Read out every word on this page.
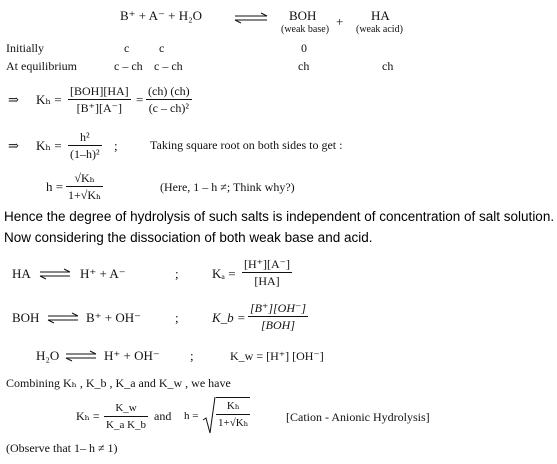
B⁺ + A⁻ + H₂O ⇌ BOH
(weak base)
+ HA
(weak acid)
Initially	c c	0
At equilibrium	c – ch c – ch	ch	ch
⇒ Kₕ =
[BOH][HA]
[B⁺][A⁻]
= $\frac{(ch) (ch)}{\text{(c – ch)²}}$
⇒ $K_h = \frac{\text{h²}}{\text{(1–h)²}}$ ;	Taking square root on both sides to get :
$h = \frac{\text{√Kₕ}}{\text{1+√Kₕ}}$	(Here, 1 – h ≠; Think why?)
Hence the degree of hydrolysis of such salts is independent of concentration of salt solution.
Now considering the dissociation of both weak base and acid.
HA	H⁺ + A⁻	;	$K_a = \frac{[H^+][A^-]}{[HA]}$
BOH	B⁺ + OH⁻	;	K_b =
[B⁺][OH⁻]
[BOH]
H₂O	H⁺ + OH⁻ ;	K_w = [H⁺] [OH⁻]
Combining Kₕ , K_b , K_a and K_w , we have
$K_h = \frac{K\_w}{\text{K\_a K\_b}}$ and $h = \frac{\text{Kₕ}}{\text{1+√Kₕ}}$	[Cation - Anionic Hydrolysis]
(Observe that 1– h ≠ 1)
